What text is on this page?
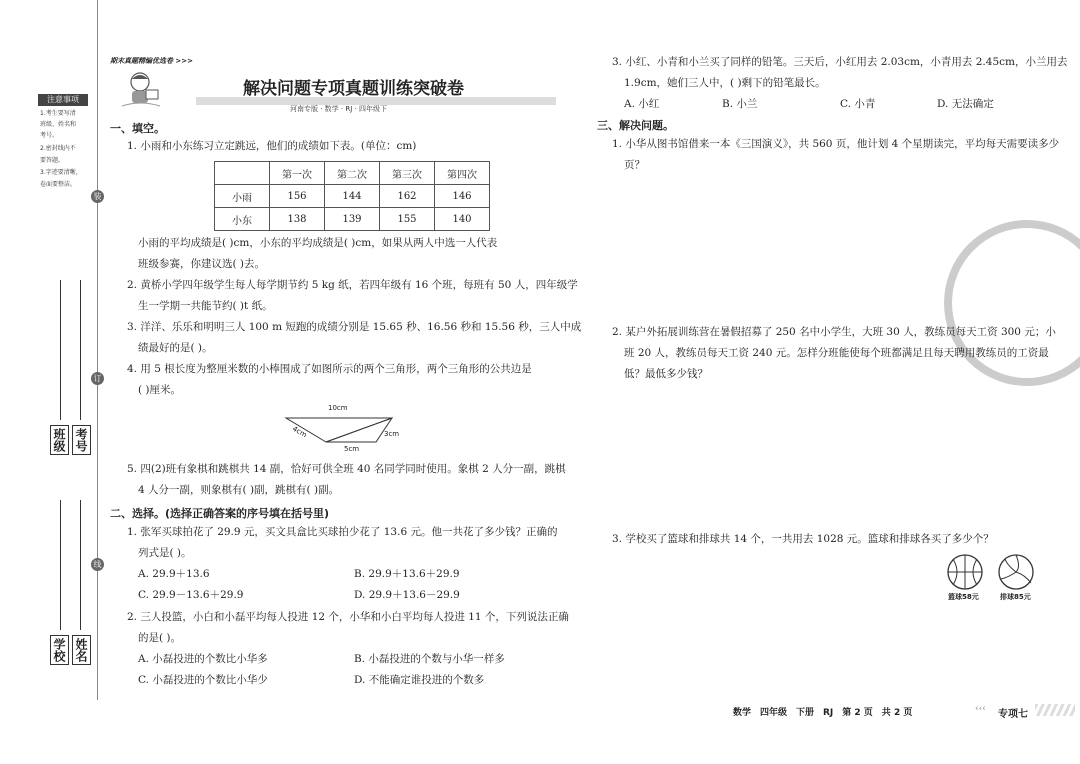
注意事项
1.考生要写清
班级、姓名和
考号。
2.密封线内不
要答题。
3.字迹要清晰，
卷面要整洁。
装
订
线
班级 考号
学校 姓名
期末真题精编优选卷 >>>
解决问题专项真题训练突破卷
河南专版 · 数学 · RJ · 四年级下
一、填空。
1. 小雨和小东练习立定跳远，他们的成绩如下表。(单位：cm)
	第一次	第二次	第三次	第四次
小雨	156	144	162	146
小东	138	139	155	140
小雨的平均成绩是( )cm，小东的平均成绩是( )cm，如果从两人中选一人代表
班级参赛，你建议选( )去。
2. 黄桥小学四年级学生每人每学期节约 5 kg 纸，若四年级有 16 个班，每班有 50 人，四年级学
生一学期一共能节约( )t 纸。
3. 洋洋、乐乐和明明三人 100 m 短跑的成绩分别是 15.65 秒、16.56 秒和 15.56 秒，三人中成
绩最好的是( )。
4. 用 5 根长度为整厘米数的小棒围成了如图所示的两个三角形，两个三角形的公共边是
( )厘米。
10cm
4cm	3cm
5cm
5. 四(2)班有象棋和跳棋共 14 副，恰好可供全班 40 名同学同时使用。象棋 2 人分一副，跳棋
4 人分一副，则象棋有( )副，跳棋有( )副。
二、选择。(选择正确答案的序号填在括号里)
1. 张军买球拍花了 29.9 元，买文具盒比买球拍少花了 13.6 元。他一共花了多少钱？正确的
列式是( )。
A. 29.9＋13.6	B. 29.9＋13.6＋29.9
C. 29.9－13.6＋29.9	D. 29.9＋13.6－29.9
2. 三人投篮，小白和小磊平均每人投进 12 个，小华和小白平均每人投进 11 个，下列说法正确
的是( )。
A. 小磊投进的个数比小华多	B. 小磊投进的个数与小华一样多
C. 小磊投进的个数比小华少	D. 不能确定谁投进的个数多
3. 小红、小青和小兰买了同样的铅笔。三天后，小红用去 2.03cm，小青用去 2.45cm，小兰用去
1.9cm，她们三人中，( )剩下的铅笔最长。
A. 小红	B. 小兰	C. 小青	D. 无法确定
三、解决问题。
1. 小华从图书馆借来一本《三国演义》，共 560 页，他计划 4 个星期读完，平均每天需要读多少
页？
2. 某户外拓展训练营在暑假招募了 250 名中小学生，大班 30 人，教练员每天工资 300 元；小
班 20 人，教练员每天工资 240 元。怎样分班能使每个班都满足且每天聘用教练员的工资最
低？最低多少钱？
3. 学校买了篮球和排球共 14 个，一共用去 1028 元。篮球和排球各买了多少个？
篮球58元	排球85元
数学　四年级　下册　RJ　第 2 页　共 2 页	‹‹‹ 专项七
